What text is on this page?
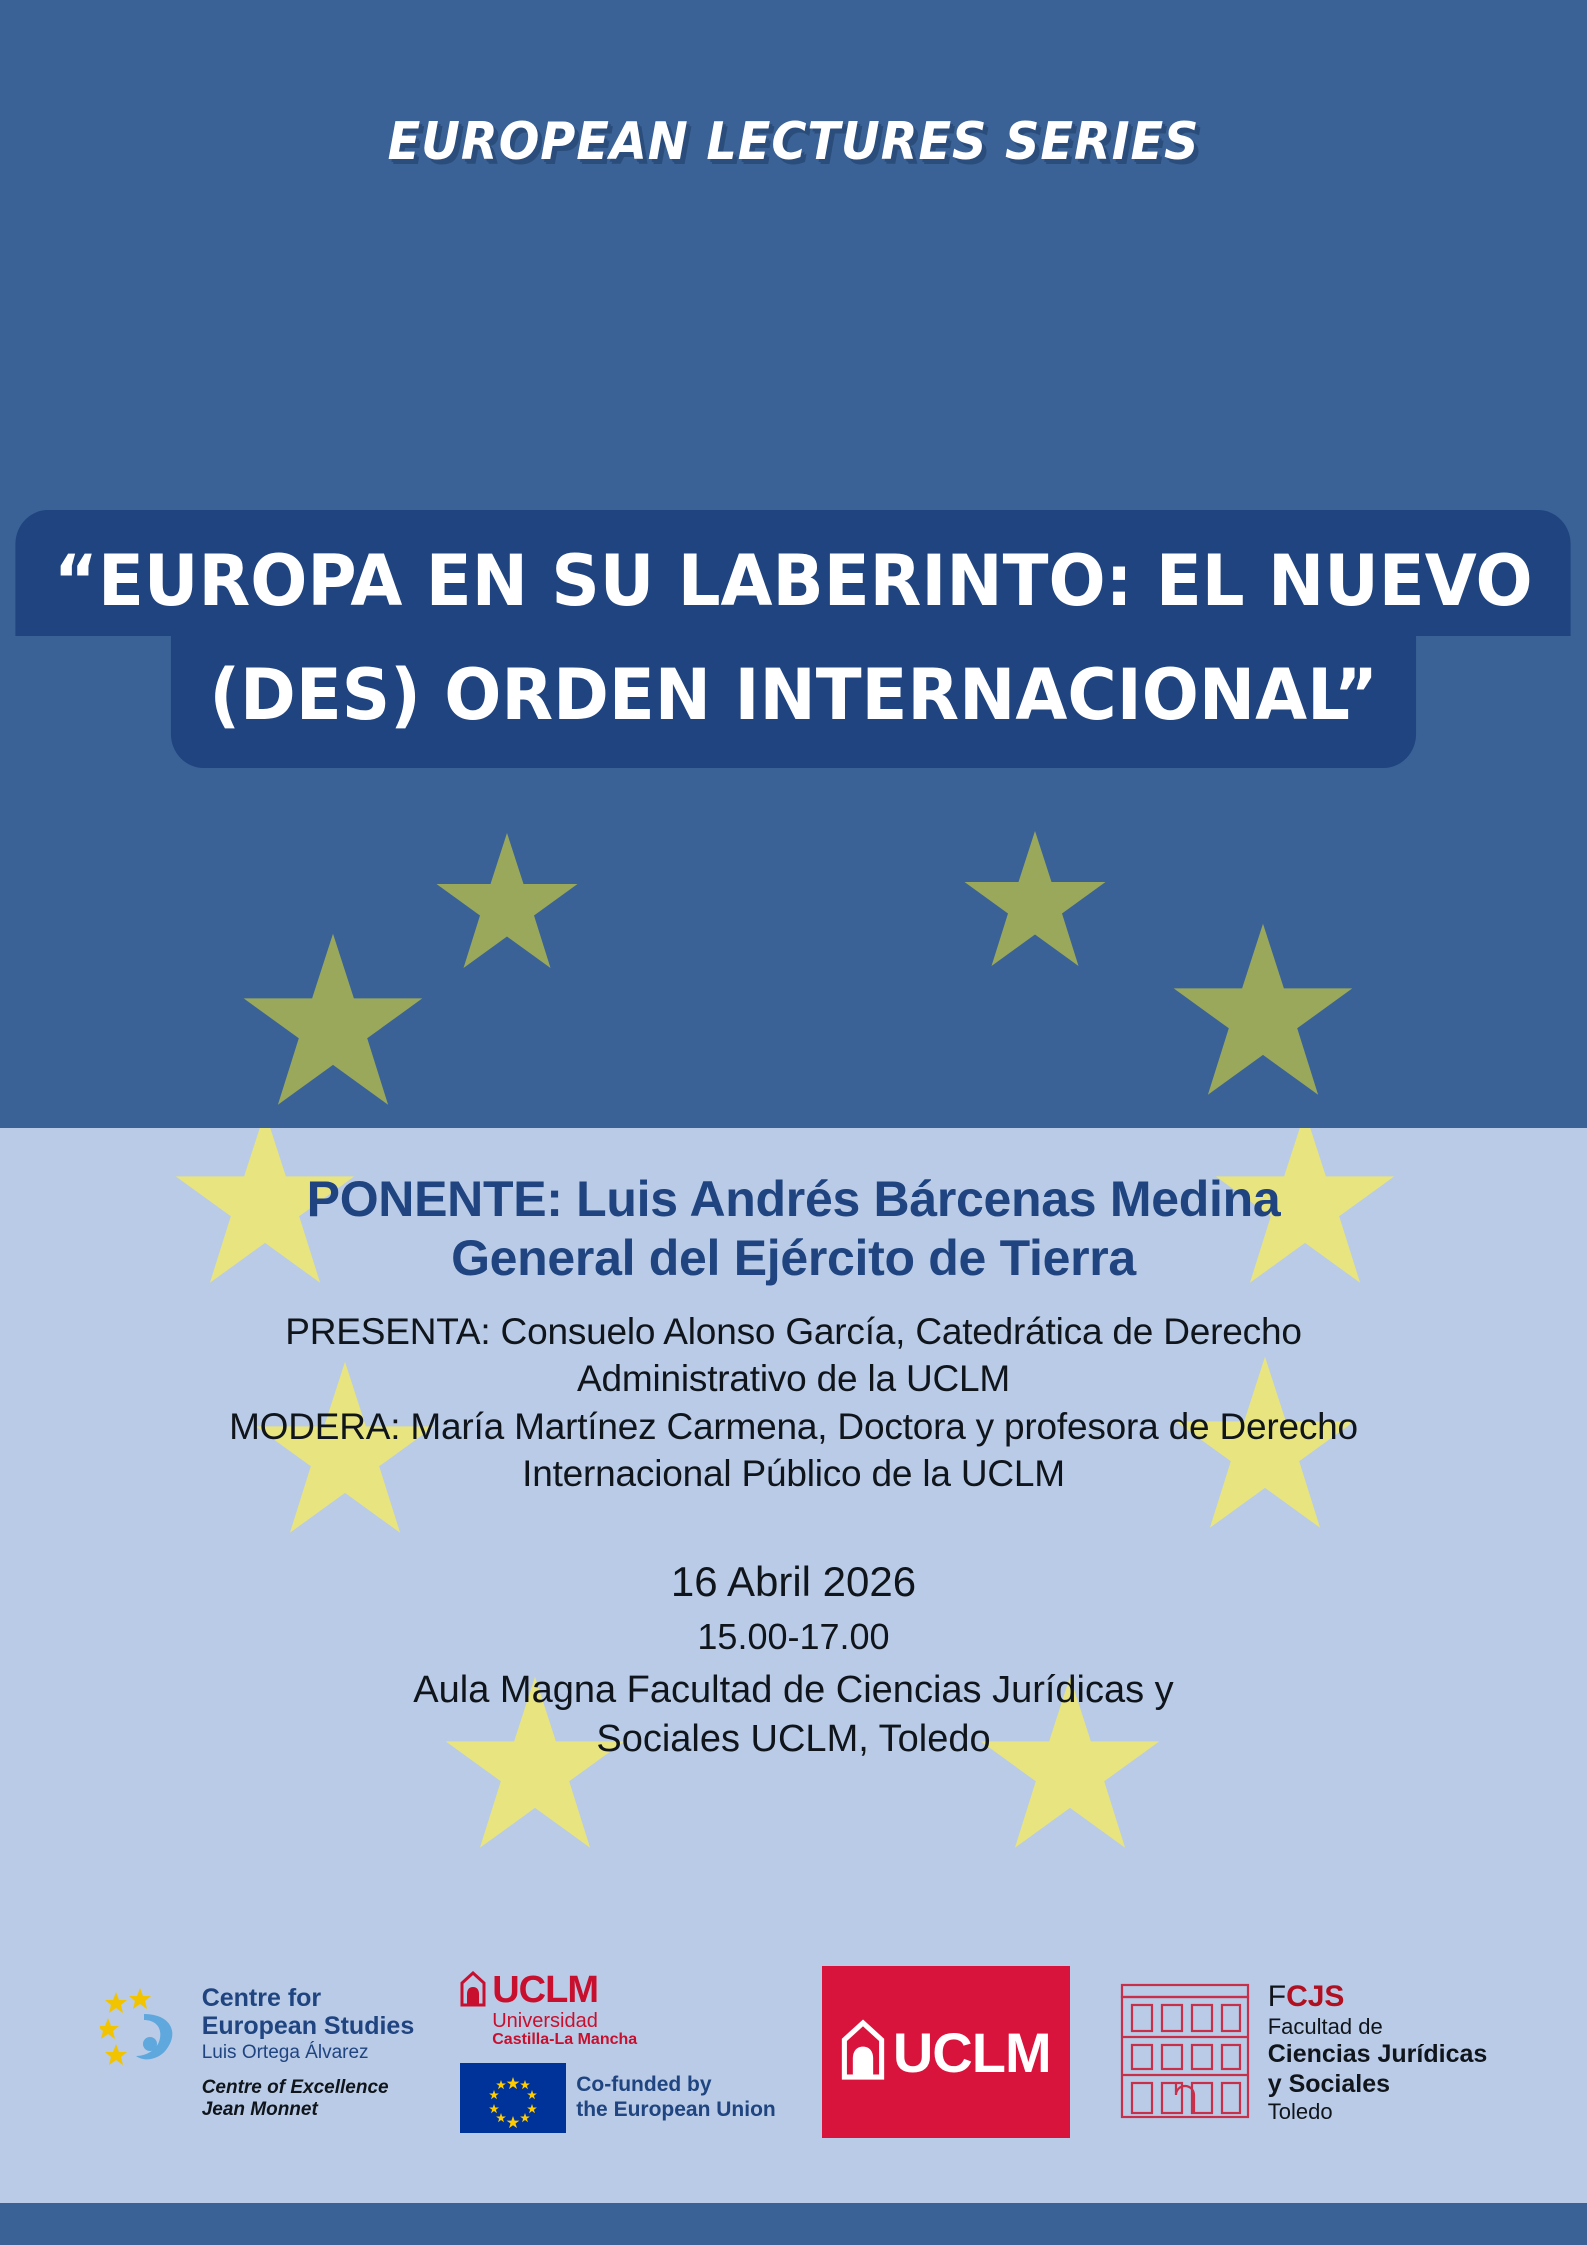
EUROPEAN LECTURES SERIES
“EUROPA EN SU LABERINTO: EL NUEVO
(DES) ORDEN INTERNACIONAL”
PONENTE: Luis Andrés Bárcenas Medina
General del Ejército de Tierra
PRESENTA: Consuelo Alonso García, Catedrática de Derecho
Administrativo de la UCLM
MODERA: María Martínez Carmena, Doctora y profesora de Derecho
Internacional Público de la UCLM
16 Abril 2026
15.00-17.00
Aula Magna Facultad de Ciencias Jurídicas y
Sociales UCLM, Toledo
Centre for
European Studies
Luis Ortega Álvarez
Centre of Excellence
Jean Monnet
UCLM
Universidad
Castilla-La Mancha
Co-funded by
the European Union
UCLM
FCJS
Facultad de
Ciencias Jurídicas
y Sociales
Toledo
